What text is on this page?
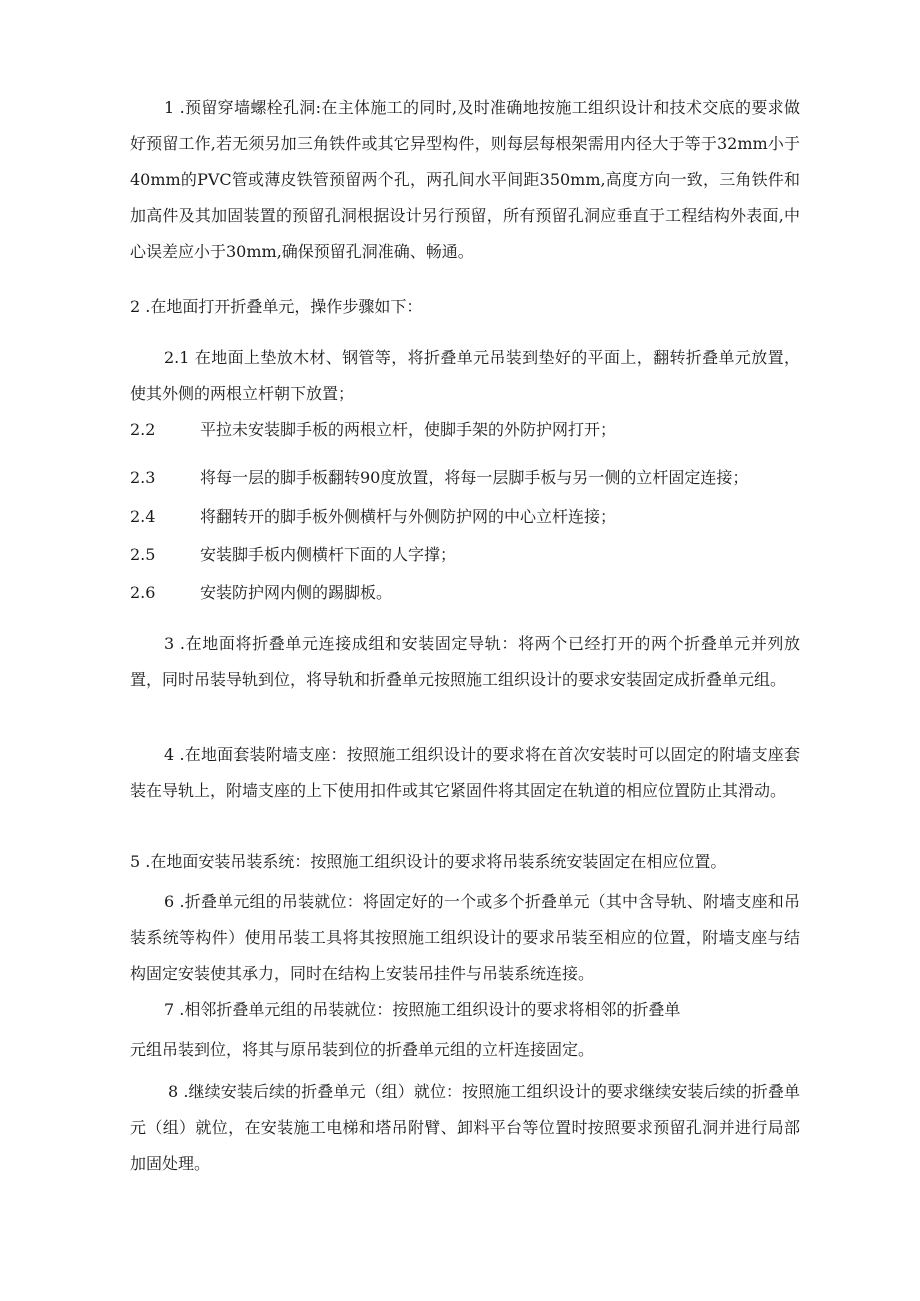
1 .预留穿墙螺栓孔洞:在主体施工的同时,及时准确地按施工组织设计和技术交底的要求做好预留工作,若无须另加三角铁件或其它异型构件，则每层每根架需用内径大于等于32mm小于40mm的PVC管或薄皮铁管预留两个孔，两孔间水平间距350mm,高度方向一致，三角铁件和加高件及其加固装置的预留孔洞根据设计另行预留，所有预留孔洞应垂直于工程结构外表面,中心误差应小于30mm,确保预留孔洞准确、畅通。

2 .在地面打开折叠单元，操作步骤如下：

2.1 在地面上垫放木材、钢管等，将折叠单元吊装到垫好的平面上，翻转折叠单元放置，使其外侧的两根立杆朝下放置；

2.2	平拉未安装脚手板的两根立杆，使脚手架的外防护网打开；
2.3	将每一层的脚手板翻转90度放置，将每一层脚手板与另一侧的立杆固定连接；
2.4	将翻转开的脚手板外侧横杆与外侧防护网的中心立杆连接；
2.5	安装脚手板内侧横杆下面的人字撑；
2.6	安装防护网内侧的踢脚板。

3 .在地面将折叠单元连接成组和安装固定导轨：将两个已经打开的两个折叠单元并列放置，同时吊装导轨到位，将导轨和折叠单元按照施工组织设计的要求安装固定成折叠单元组。

4 .在地面套装附墙支座：按照施工组织设计的要求将在首次安装时可以固定的附墙支座套装在导轨上，附墙支座的上下使用扣件或其它紧固件将其固定在轨道的相应位置防止其滑动。

5 .在地面安装吊装系统：按照施工组织设计的要求将吊装系统安装固定在相应位置。

6 .折叠单元组的吊装就位：将固定好的一个或多个折叠单元（其中含导轨、附墙支座和吊装系统等构件）使用吊装工具将其按照施工组织设计的要求吊装至相应的位置，附墙支座与结构固定安装使其承力，同时在结构上安装吊挂件与吊装系统连接。

7 .相邻折叠单元组的吊装就位：按照施工组织设计的要求将相邻的折叠单
元组吊装到位，将其与原吊装到位的折叠单元组的立杆连接固定。

8 .继续安装后续的折叠单元（组）就位：按照施工组织设计的要求继续安装后续的折叠单元（组）就位，在安装施工电梯和塔吊附臂、卸料平台等位置时按照要求预留孔洞并进行局部加固处理。
